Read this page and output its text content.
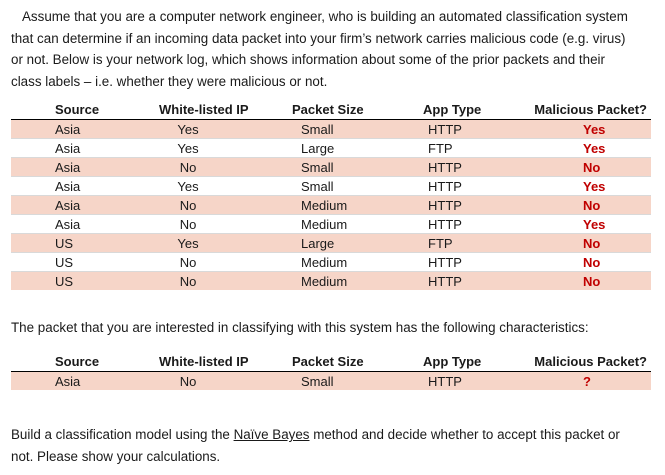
Assume that you are a computer network engineer, who is building an automated classification system
that can determine if an incoming data packet into your firm’s network carries malicious code (e.g. virus)
or not. Below is your network log, which shows information about some of the prior packets and their
class labels – i.e. whether they were malicious or not.
Source	White-listed IP	Packet Size	App Type	Malicious Packet?
Asia	Yes	Small	HTTP	Yes
Asia	Yes	Large	FTP	Yes
Asia	No	Small	HTTP	No
Asia	Yes	Small	HTTP	Yes
Asia	No	Medium	HTTP	No
Asia	No	Medium	HTTP	Yes
US	Yes	Large	FTP	No
US	No	Medium	HTTP	No
US	No	Medium	HTTP	No
The packet that you are interested in classifying with this system has the following characteristics:
Source	White-listed IP	Packet Size	App Type	Malicious Packet?
Asia	No	Small	HTTP	?
Build a classification model using the Naïve Bayes method and decide whether to accept this packet or
not. Please show your calculations.
